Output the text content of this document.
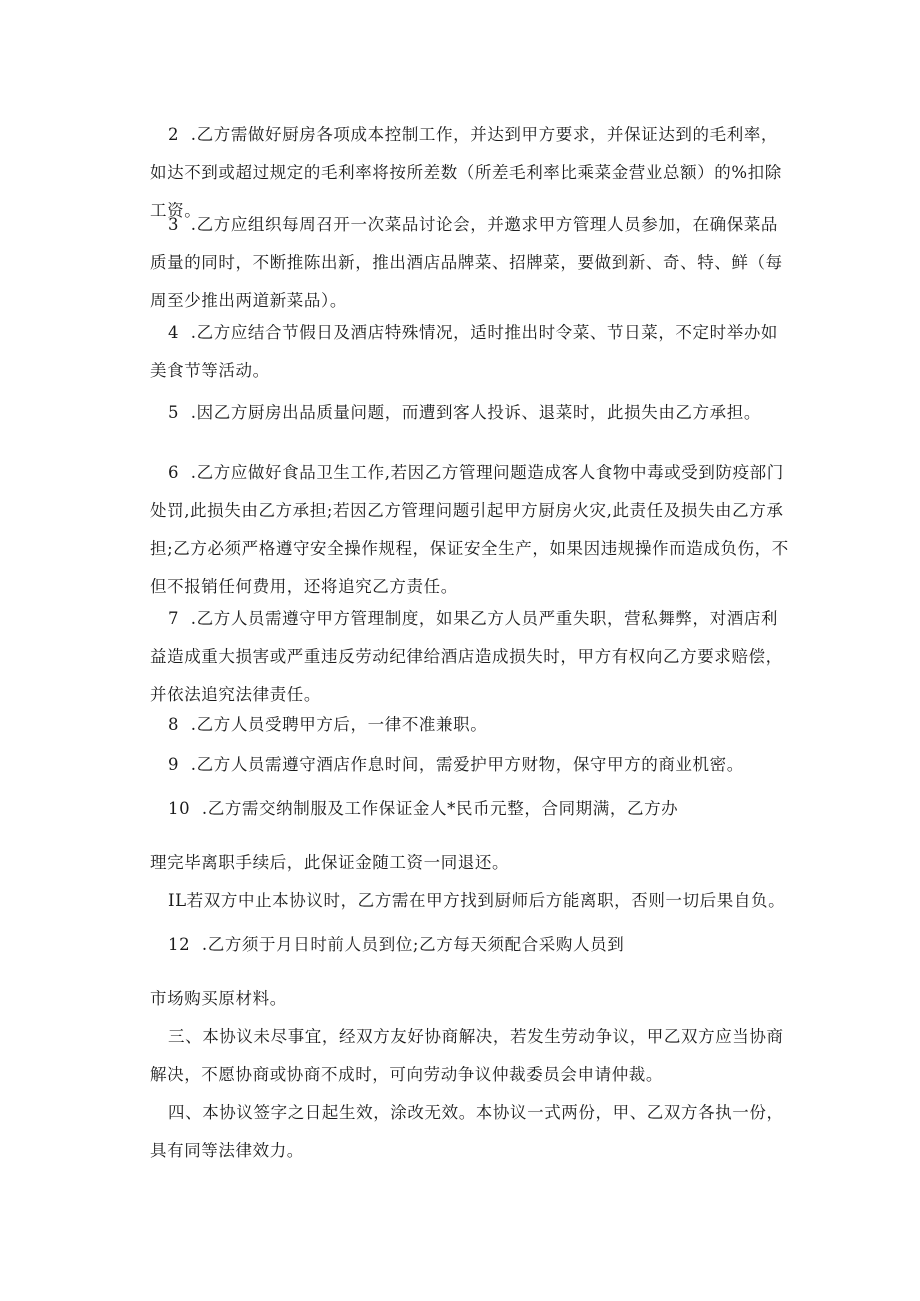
2  .乙方需做好厨房各项成本控制工作，并达到甲方要求，并保证达到的毛利率，如达不到或超过规定的毛利率将按所差数（所差毛利率比乘菜金营业总额）的%扣除工资。

3  .乙方应组织每周召开一次菜品讨论会，并邀求甲方管理人员参加，在确保菜品质量的同时，不断推陈出新，推出酒店品牌菜、招牌菜，要做到新、奇、特、鲜（每周至少推出两道新菜品）。

4  .乙方应结合节假日及酒店特殊情况，适时推出时令菜、节日菜，不定时举办如美食节等活动。

5  .因乙方厨房出品质量问题，而遭到客人投诉、退菜时，此损失由乙方承担。

6  .乙方应做好食品卫生工作,若因乙方管理问题造成客人食物中毒或受到防疫部门处罚,此损失由乙方承担;若因乙方管理问题引起甲方厨房火灾,此责任及损失由乙方承担;乙方必须严格遵守安全操作规程，保证安全生产，如果因违规操作而造成负伤，不但不报销任何费用，还将追究乙方责任。

7  .乙方人员需遵守甲方管理制度，如果乙方人员严重失职，营私舞弊，对酒店利益造成重大损害或严重违反劳动纪律给酒店造成损失时，甲方有权向乙方要求赔偿，并依法追究法律责任。

8  .乙方人员受聘甲方后，一律不准兼职。

9  .乙方人员需遵守酒店作息时间，需爱护甲方财物，保守甲方的商业机密。

10  .乙方需交纳制服及工作保证金人*民币元整，合同期满，乙方办

理完毕离职手续后，此保证金随工资一同退还。

IL若双方中止本协议时，乙方需在甲方找到厨师后方能离职，否则一切后果自负。

12  .乙方须于月日时前人员到位;乙方每天须配合采购人员到

市场购买原材料。

三、本协议未尽事宜，经双方友好协商解决，若发生劳动争议，甲乙双方应当协商解决，不愿协商或协商不成时，可向劳动争议仲裁委员会申请仲裁。

四、本协议签字之日起生效，涂改无效。本协议一式两份，甲、乙双方各执一份，具有同等法律效力。
